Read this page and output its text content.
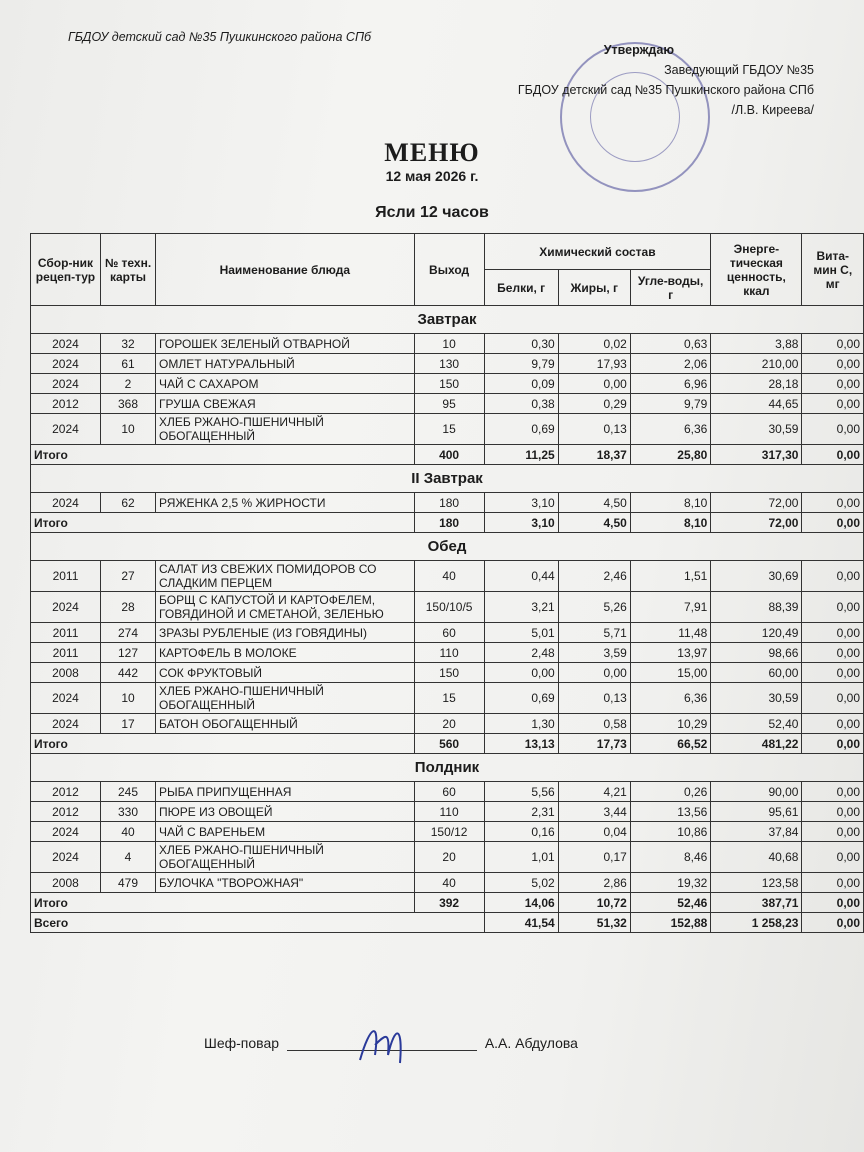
ГБДОУ детский сад №35 Пушкинского района СПб
Утверждаю
Заведующий ГБДОУ №35
ГБДОУ детский сад №35 Пушкинского района СПб
/Л.В. Киреева/
МЕНЮ
12 мая 2026 г.
Ясли 12 часов
Сбор-ник рецеп-тур	№ техн. карты	Наименование блюда	Выход	Химический состав			Энерге-тическая ценность, ккал	Вита-мин С, мг
				Белки, г	Жиры, г	Угле-воды, г		
Завтрак								
2024	32	ГОРОШЕК ЗЕЛЕНЫЙ ОТВАРНОЙ	10	0,30	0,02	0,63	3,88	0,00
2024	61	ОМЛЕТ НАТУРАЛЬНЫЙ	130	9,79	17,93	2,06	210,00	0,00
2024	2	ЧАЙ С САХАРОМ	150	0,09	0,00	6,96	28,18	0,00
2012	368	ГРУША СВЕЖАЯ	95	0,38	0,29	9,79	44,65	0,00
2024	10	ХЛЕБ РЖАНО-ПШЕНИЧНЫЙ ОБОГАЩЕННЫЙ	15	0,69	0,13	6,36	30,59	0,00
Итого			400	11,25	18,37	25,80	317,30	0,00
II Завтрак								
2024	62	РЯЖЕНКА 2,5 % ЖИРНОСТИ	180	3,10	4,50	8,10	72,00	0,00
Итого			180	3,10	4,50	8,10	72,00	0,00
Обед								
2011	27	САЛАТ ИЗ СВЕЖИХ ПОМИДОРОВ СО СЛАДКИМ ПЕРЦЕМ	40	0,44	2,46	1,51	30,69	0,00
2024	28	БОРЩ С КАПУСТОЙ И КАРТОФЕЛЕМ, ГОВЯДИНОЙ И СМЕТАНОЙ, ЗЕЛЕНЬЮ	150/10/5	3,21	5,26	7,91	88,39	0,00
2011	274	ЗРАЗЫ РУБЛЕНЫЕ (ИЗ ГОВЯДИНЫ)	60	5,01	5,71	11,48	120,49	0,00
2011	127	КАРТОФЕЛЬ В МОЛОКЕ	110	2,48	3,59	13,97	98,66	0,00
2008	442	СОК ФРУКТОВЫЙ	150	0,00	0,00	15,00	60,00	0,00
2024	10	ХЛЕБ РЖАНО-ПШЕНИЧНЫЙ ОБОГАЩЕННЫЙ	15	0,69	0,13	6,36	30,59	0,00
2024	17	БАТОН ОБОГАЩЕННЫЙ	20	1,30	0,58	10,29	52,40	0,00
Итого			560	13,13	17,73	66,52	481,22	0,00
Полдник								
2012	245	РЫБА ПРИПУЩЕННАЯ	60	5,56	4,21	0,26	90,00	0,00
2012	330	ПЮРЕ ИЗ ОВОЩЕЙ	110	2,31	3,44	13,56	95,61	0,00
2024	40	ЧАЙ С ВАРЕНЬЕМ	150/12	0,16	0,04	10,86	37,84	0,00
2024	4	ХЛЕБ РЖАНО-ПШЕНИЧНЫЙ ОБОГАЩЕННЫЙ	20	1,01	0,17	8,46	40,68	0,00
2008	479	БУЛОЧКА "ТВОРОЖНАЯ"	40	5,02	2,86	19,32	123,58	0,00
Итого			392	14,06	10,72	52,46	387,71	0,00
Всего				41,54	51,32	152,88	1 258,23	0,00
Шеф-повар	А.А. Абдулова
